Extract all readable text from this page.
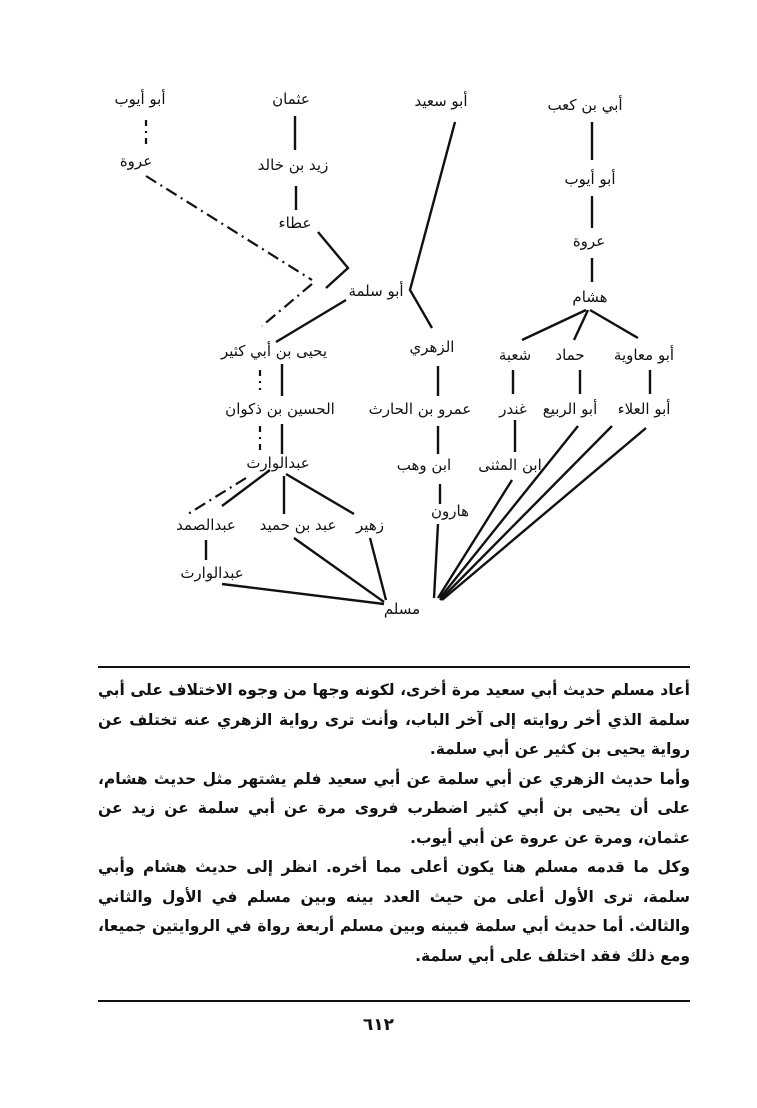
أبي بن كعب
أبو أيوب
عروة
هشام
أبو معاوية
حماد
شعبة
أبو العلاء
أبو الربيع
غندر
ابن المثنى
أبو سعيد
الزهري
عمرو بن الحارث
ابن وهب
هارون
عثمان
زيد بن خالد
عطاء
أبو سلمة
أبو أيوب
عروة
يحيى بن أبي كثير
الحسين بن ذكوان
عبدالوارث
زهير
عبد بن حميد
عبدالصمد
عبدالوارث
مسلم

أعاد مسلم حديث أبي سعيد مرة أخرى، لكونه وجها من وجوه الاختلاف على أبي سلمة الذي أخر روايته إلى آخر الباب، وأنت ترى رواية الزهري عنه تختلف عن رواية يحيى بن كثير عن أبي سلمة.

وأما حديث الزهري عن أبي سلمة عن أبي سعيد فلم يشتهر مثل حديث هشام، على أن يحيى بن أبي كثير اضطرب فروى مرة عن أبي سلمة عن زيد عن عثمان، ومرة عن عروة عن أبي أيوب.

وكل ما قدمه مسلم هنا يكون أعلى مما أخره. انظر إلى حديث هشام وأبي سلمة، ترى الأول أعلى من حيث العدد بينه وبين مسلم في الأول والثاني والثالث. أما حديث أبي سلمة فبينه وبين مسلم أربعة رواة في الروايتين جميعا، ومع ذلك فقد اختلف على أبي سلمة.

٦١٢
